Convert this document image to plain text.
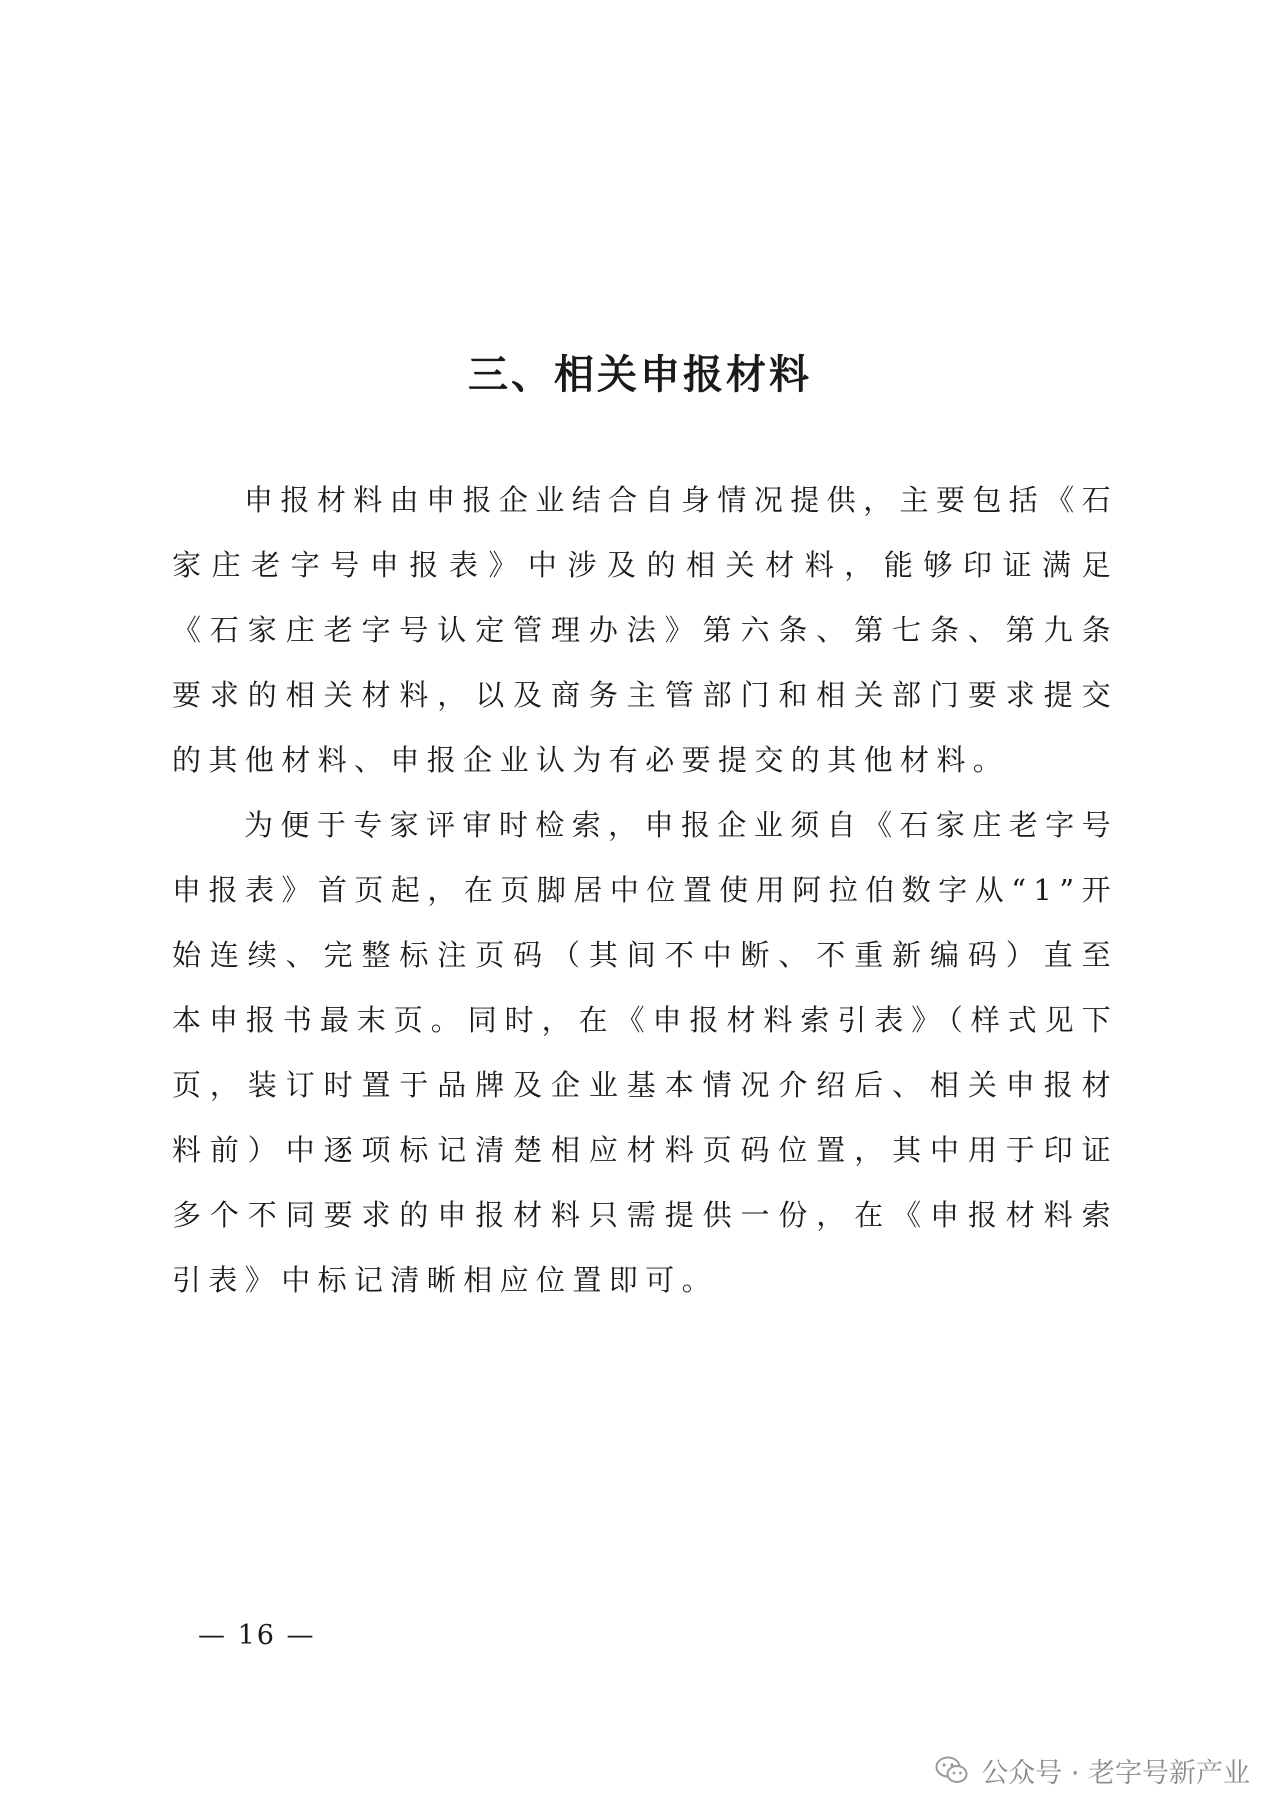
三、相关申报材料

申报材料由申报企业结合自身情况提供，主要包括《石家庄老字号申报表》中涉及的相关材料，能够印证满足《石家庄老字号认定管理办法》第六条、第七条、第九条要求的相关材料，以及商务主管部门和相关部门要求提交的其他材料、申报企业认为有必要提交的其他材料。

为便于专家评审时检索，申报企业须自《石家庄老字号申报表》首页起，在页脚居中位置使用阿拉伯数字从“1”开始连续、完整标注页码（其间不中断、不重新编码）直至本申报书最末页。同时，在《申报材料索引表》（样式见下页，装订时置于品牌及企业基本情况介绍后、相关申报材料前）中逐项标记清楚相应材料页码位置，其中用于印证多个不同要求的申报材料只需提供一份，在《申报材料索引表》中标记清晰相应位置即可。

— 16 —
公众号 · 老字号新产业
